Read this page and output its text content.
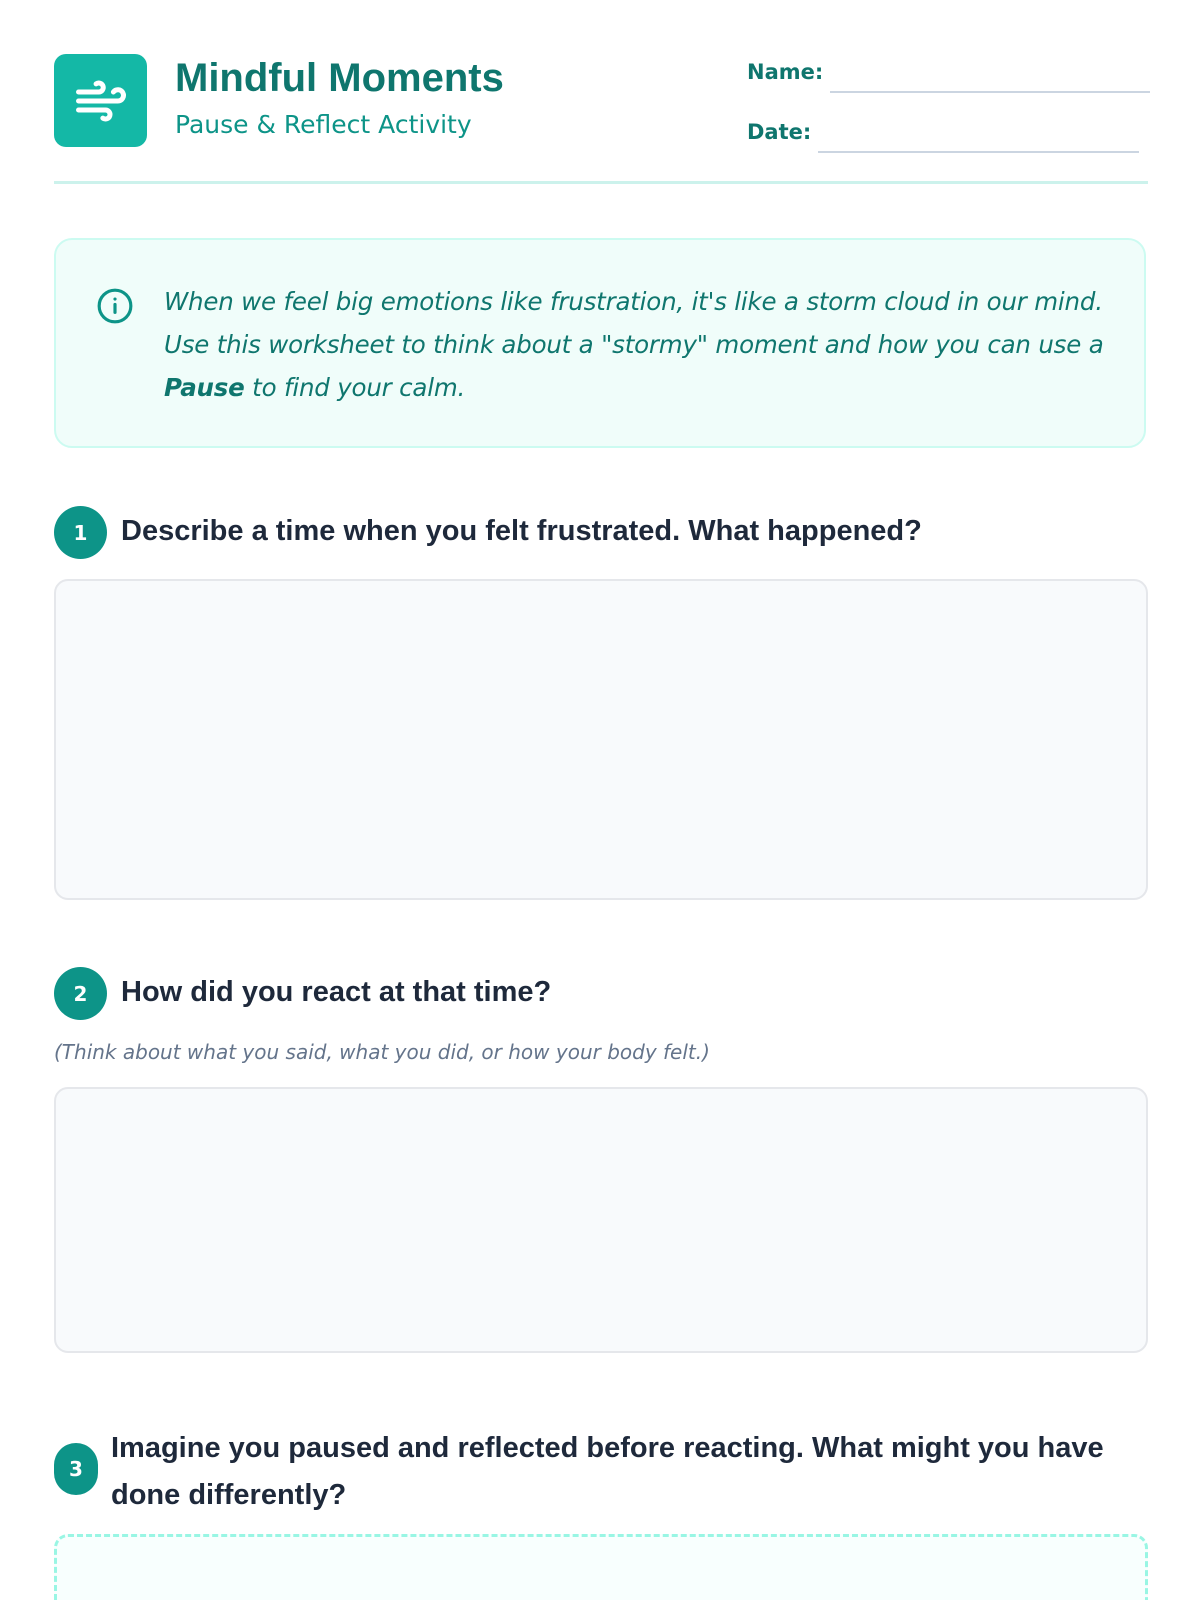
Mindful Moments
Pause & Reflect Activity
Name:
Date:

When we feel big emotions like frustration, it's like a storm cloud in our mind. Use this worksheet to think about a "stormy" moment and how you can use a Pause to find your calm.

1	Describe a time when you felt frustrated. What happened?
2	How did you react at that time?
(Think about what you said, what you did, or how your body felt.)
3
Imagine you paused and reflected before reacting. What might you have done differently?
